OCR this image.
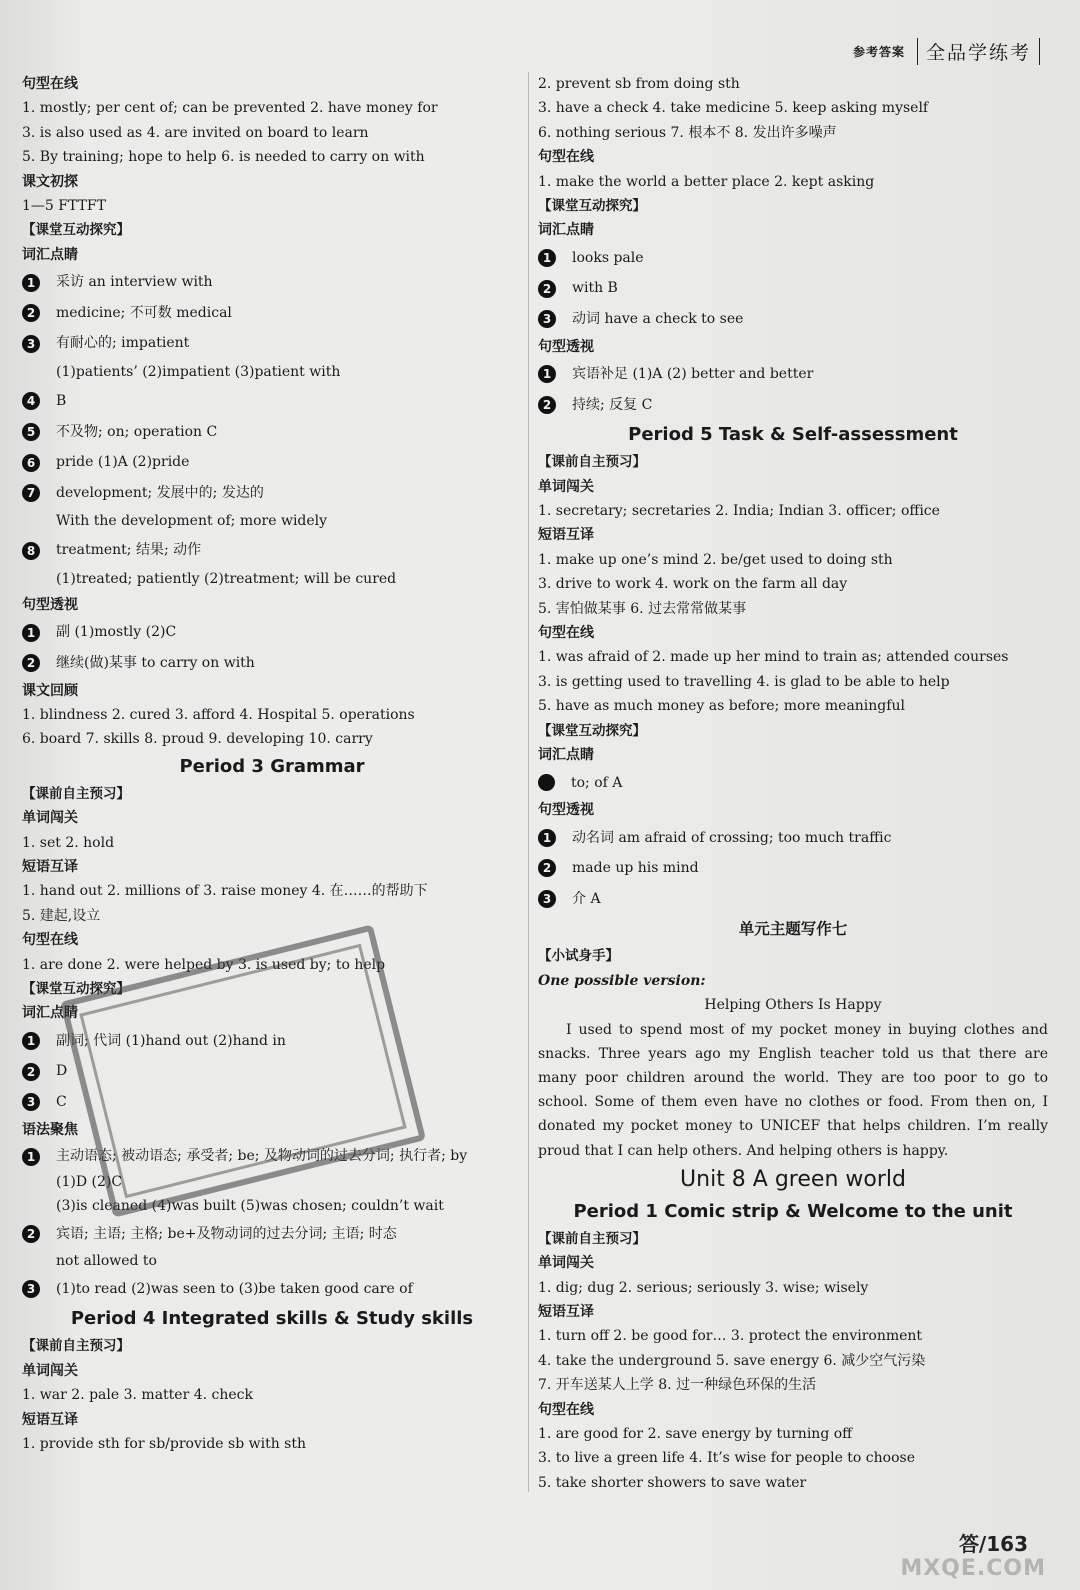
参考答案	全品学练考
句型在线
1. mostly; per cent of; can be prevented 2. have money for
3. is also used as 4. are invited on board to learn
5. By training; hope to help 6. is needed to carry on with
课文初探
1—5 FTTFT
【课堂互动探究】
词汇点睛
1	采访 an interview with
2	medicine; 不可数 medical
3	有耐心的; impatient
(1)patients’ (2)impatient (3)patient with
4	B
5	不及物; on; operation C
6	pride (1)A (2)pride
7	development; 发展中的; 发达的
With the development of; more widely
8	treatment; 结果; 动作
(1)treated; patiently (2)treatment; will be cured
句型透视
1	副 (1)mostly (2)C
2	继续(做)某事 to carry on with
课文回顾
1. blindness 2. cured 3. afford 4. Hospital 5. operations
6. board 7. skills 8. proud 9. developing 10. carry
Period 3 Grammar
【课前自主预习】
单词闯关
1. set 2. hold
短语互译
1. hand out 2. millions of 3. raise money 4. 在……的帮助下
5. 建起,设立
句型在线
1. are done 2. were helped by 3. is used by; to help
【课堂互动探究】
词汇点睛
1	副词; 代词 (1)hand out (2)hand in
2	D
3	C
语法聚焦
1	主动语态; 被动语态; 承受者; be; 及物动词的过去分词; 执行者; by
(1)D (2)C
(3)is cleaned (4)was built (5)was chosen; couldn’t wait
2	宾语; 主语; 主格; be+及物动词的过去分词; 主语; 时态
not allowed to
3	(1)to read (2)was seen to (3)be taken good care of
Period 4 Integrated skills & Study skills
【课前自主预习】
单词闯关
1. war 2. pale 3. matter 4. check
短语互译
1. provide sth for sb/provide sb with sth
2. prevent sb from doing sth
3. have a check 4. take medicine 5. keep asking myself
6. nothing serious 7. 根本不 8. 发出许多噪声
句型在线
1. make the world a better place 2. kept asking
【课堂互动探究】
词汇点睛
1	looks pale
2	with B
3	动词 have a check to see
句型透视
1	宾语补足 (1)A (2) better and better
2	持续; 反复 C
Period 5 Task & Self-assessment
【课前自主预习】
单词闯关
1. secretary; secretaries 2. India; Indian 3. officer; office
短语互译
1. make up one’s mind 2. be/get used to doing sth
3. drive to work 4. work on the farm all day
5. 害怕做某事 6. 过去常常做某事
句型在线
1. was afraid of 2. made up her mind to train as; attended courses
3. is getting used to travelling 4. is glad to be able to help
5. have as much money as before; more meaningful
【课堂互动探究】
词汇点睛
to; of A
句型透视
1	动名词 am afraid of crossing; too much traffic
2	made up his mind
3	介 A
单元主题写作七
【小试身手】
One possible version:
Helping Others Is Happy
I used to spend most of my pocket money in buying clothes and snacks. Three years ago my English teacher told us that there are many poor children around the world. They are too poor to go to school. Some of them even have no clothes or food. From then on, I donated my pocket money to UNICEF that helps children. I’m really proud that I can help others. And helping others is happy.
Unit 8 A green world
Period 1 Comic strip & Welcome to the unit
【课前自主预习】
单词闯关
1. dig; dug 2. serious; seriously 3. wise; wisely
短语互译
1. turn off 2. be good for… 3. protect the environment
4. take the underground 5. save energy 6. 减少空气污染
7. 开车送某人上学 8. 过一种绿色环保的生活
句型在线
1. are good for 2. save energy by turning off
3. to live a green life 4. It’s wise for people to choose
5. take shorter showers to save water
答/163
MXQE.COM
